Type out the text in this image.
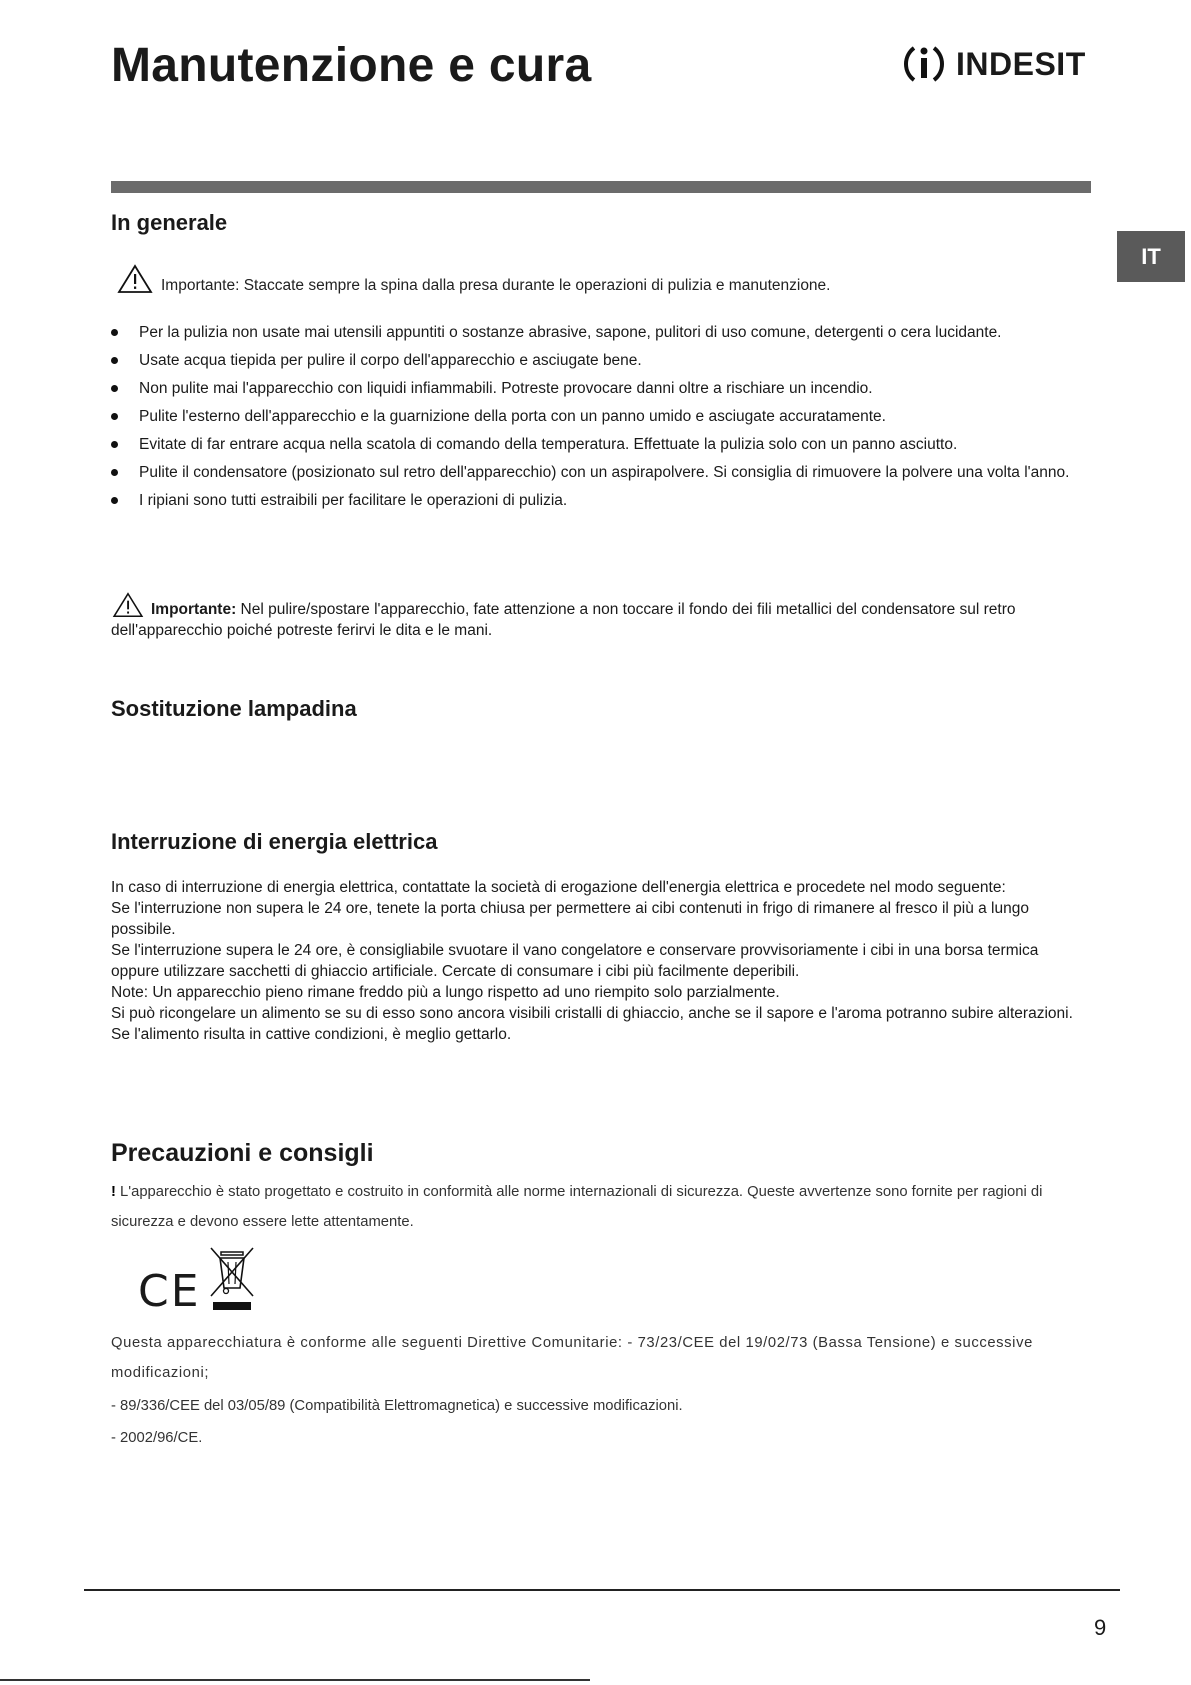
Manutenzione e cura	INDESIT
IT
In generale
Importante: Staccate sempre la spina dalla presa durante le operazioni di pulizia e manutenzione.
Per la pulizia non usate mai utensili appuntiti o sostanze abrasive, sapone, pulitori di uso comune, detergenti o cera lucidante.
Usate acqua tiepida per pulire il corpo dell'apparecchio e asciugate bene.
Non pulite mai l'apparecchio con liquidi infiammabili. Potreste provocare danni oltre a rischiare un incendio.
Pulite l'esterno dell'apparecchio e la guarnizione della porta con un panno umido e asciugate accuratamente.
Evitate di far entrare acqua nella scatola di comando della temperatura. Effettuate la pulizia solo con un panno asciutto.
Pulite il condensatore (posizionato sul retro dell'apparecchio) con un aspirapolvere. Si consiglia di rimuovere la polvere una volta l'anno.
I ripiani sono tutti estraibili per facilitare le operazioni di pulizia.
Importante: Nel pulire/spostare l'apparecchio, fate attenzione a non toccare il fondo dei fili metallici del condensatore sul retro dell'apparecchio poiché potreste ferirvi le dita e le mani.
Sostituzione lampadina
Interruzione di energia elettrica
In caso di interruzione di energia elettrica, contattate la società di erogazione dell'energia elettrica e procedete nel modo seguente:
Se l'interruzione non supera le 24 ore, tenete la porta chiusa per permettere ai cibi contenuti in frigo di rimanere al fresco il più a lungo possibile.
Se l'interruzione supera le 24 ore, è consigliabile svuotare il vano congelatore e conservare provvisoriamente i cibi in una borsa termica oppure utilizzare sacchetti di ghiaccio artificiale. Cercate di consumare i cibi più facilmente deperibili.
Note: Un apparecchio pieno rimane freddo più a lungo rispetto ad uno riempito solo parzialmente.
Si può ricongelare un alimento se su di esso sono ancora visibili cristalli di ghiaccio, anche se il sapore e l'aroma potranno subire alterazioni. Se l'alimento risulta in cattive condizioni, è meglio gettarlo.
Precauzioni e consigli
! L'apparecchio è stato progettato e costruito in conformità alle norme internazionali di sicurezza. Queste avvertenze sono fornite per ragioni di sicurezza e devono essere lette attentamente.
CE
Questa apparecchiatura è conforme alle seguenti Direttive Comunitarie: - 73/23/CEE del 19/02/73 (Bassa Tensione) e successive modificazioni;
- 89/336/CEE del 03/05/89 (Compatibilità Elettromagnetica) e successive modificazioni.
- 2002/96/CE.
9
